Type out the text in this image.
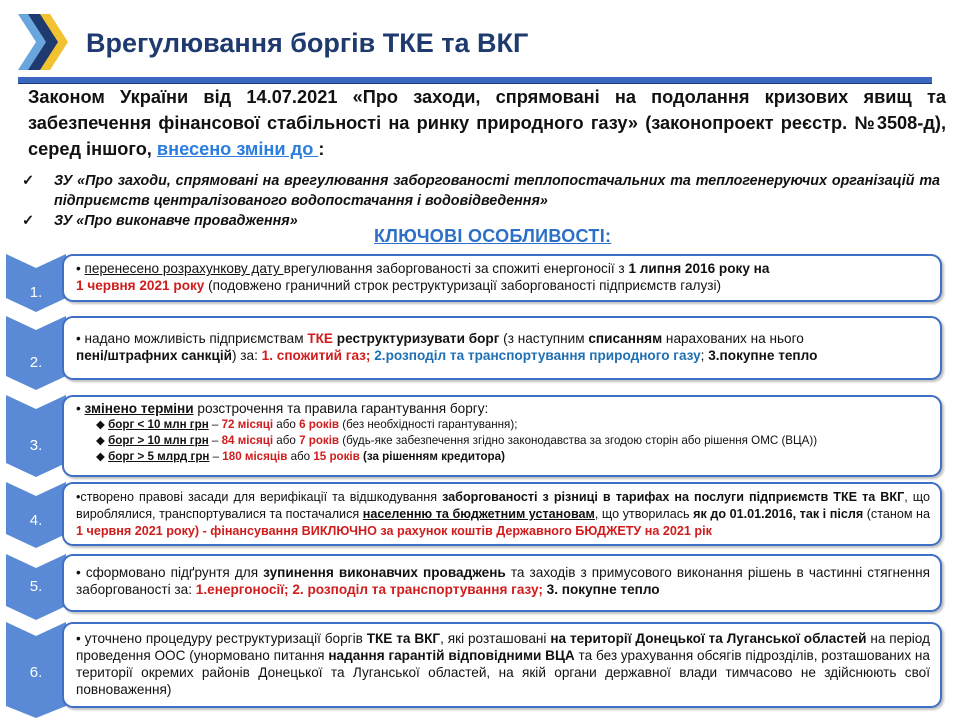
Врегулювання боргів ТКЕ та ВКГ
Законом України від 14.07.2021 «Про заходи, спрямовані на подолання кризових явищ та забезпечення фінансової стабільності на ринку природного газу» (законопроект реєстр. №3508-д), серед іншого, внесено зміни до :
✓ ЗУ «Про заходи, спрямовані на врегулювання заборгованості теплопостачальних та теплогенеруючих організацій та підприємств централізованого водопостачання і водовідведення»
✓ ЗУ «Про виконавче провадження»
КЛЮЧОВІ ОСОБЛИВОСТІ:
1.
2.
3.
4.
5.
6.
• перенесено розрахункову дату врегулювання заборгованості за спожиті енергоносії з 1 липня 2016 року на
1 червня 2021 року (подовжено граничний строк реструктуризації заборгованості підприємств галузі)
• надано можливість підприємствам ТКЕ реструктуризувати борг (з наступним списанням нарахованих на нього
пені/штрафних санкцій) за: 1. спожитий газ; 2.розподіл та транспортування природного газу; 3.покупне тепло
• змінено терміни розстрочення та правила гарантування боргу:
◆ борг < 10 млн грн – 72 місяці або 6 років (без необхідності гарантування);
◆ борг > 10 млн грн – 84 місяці або 7 років (будь-яке забезпечення згідно законодавства за згодою сторін або рішення ОМС (ВЦА))
◆ борг > 5 млрд грн – 180 місяців або 15 років (за рішенням кредитора)
•створено правові засади для верифікації та відшкодування заборгованості з різниці в тарифах на послуги підприємств ТКЕ та ВКГ, що вироблялися, транспортувалися та постачалися населенню та бюджетним установам, що утворилась як до 01.01.2016, так і після (станом на 1 червня 2021 року) - фінансування ВИКЛЮЧНО за рахунок коштів Державного БЮДЖЕТУ на 2021 рік
• сформовано підґрунтя для зупинення виконавчих проваджень та заходів з примусового виконання рішень в частинні стягнення заборгованості за: 1.енергоносії; 2. розподіл та транспортування газу; 3. покупне тепло
• уточнено процедуру реструктуризації боргів ТКЕ та ВКГ, які розташовані на території Донецької та Луганської областей на період проведення ООС (унормовано питання надання гарантій відповідними ВЦА та без урахування обсягів підрозділів, розташованих на території окремих районів Донецької та Луганської областей, на якій органи державної влади тимчасово не здійснюють свої повноваження)
